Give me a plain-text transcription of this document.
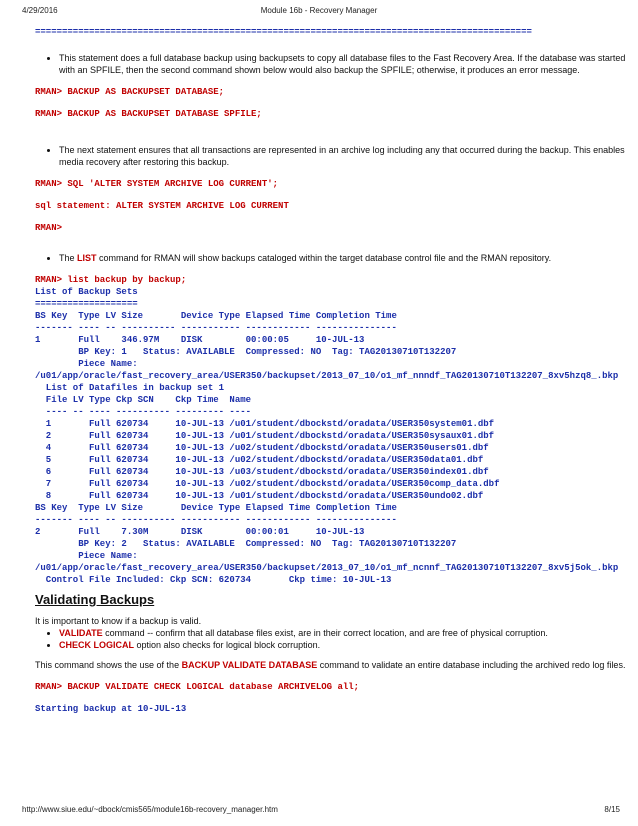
4/29/2016	Module 16b - Recovery Manager
============================================================================================
• This statement does a full database backup using backupsets to copy all database files to the Fast Recovery Area. If the database was started with an SPFILE, then the second command shown below would also backup the SPFILE; otherwise, it produces an error message.
RMAN> BACKUP AS BACKUPSET DATABASE;
RMAN> BACKUP AS BACKUPSET DATABASE SPFILE;
• The next statement ensures that all transactions are represented in an archive log including any that occurred during the backup. This enables media recovery after restoring this backup.
RMAN> SQL 'ALTER SYSTEM ARCHIVE LOG CURRENT';
sql statement: ALTER SYSTEM ARCHIVE LOG CURRENT
RMAN>
• The LIST command for RMAN will show backups cataloged within the target database control file and the RMAN repository.
RMAN> list backup by backup;
List of Backup Sets
===================
BS Key  Type LV Size       Device Type Elapsed Time Completion Time
------- ---- -- ---------- ----------- ------------ ---------------
1       Full    346.97M    DISK        00:00:05     10-JUL-13
BP Key: 1   Status: AVAILABLE  Compressed: NO  Tag: TAG20130710T132207
Piece Name:
/u01/app/oracle/fast_recovery_area/USER350/backupset/2013_07_10/o1_mf_nnndf_TAG20130710T132207_8xv5hzq8_.bkp
List of Datafiles in backup set 1
File LV Type Ckp SCN    Ckp Time  Name
---- -- ---- ---------- --------- ----
1       Full 620734     10-JUL-13 /u01/student/dbockstd/oradata/USER350system01.dbf
2       Full 620734     10-JUL-13 /u01/student/dbockstd/oradata/USER350sysaux01.dbf
4       Full 620734     10-JUL-13 /u02/student/dbockstd/oradata/USER350users01.dbf
5       Full 620734     10-JUL-13 /u02/student/dbockstd/oradata/USER350data01.dbf
6       Full 620734     10-JUL-13 /u03/student/dbockstd/oradata/USER350index01.dbf
7       Full 620734     10-JUL-13 /u02/student/dbockstd/oradata/USER350comp_data.dbf
8       Full 620734     10-JUL-13 /u01/student/dbockstd/oradata/USER350undo02.dbf
BS Key  Type LV Size       Device Type Elapsed Time Completion Time
------- ---- -- ---------- ----------- ------------ ---------------
2       Full    7.30M      DISK        00:00:01     10-JUL-13
BP Key: 2   Status: AVAILABLE  Compressed: NO  Tag: TAG20130710T132207
Piece Name:
/u01/app/oracle/fast_recovery_area/USER350/backupset/2013_07_10/o1_mf_ncnnf_TAG20130710T132207_8xv5j5ok_.bkp
Control File Included: Ckp SCN: 620734       Ckp time: 10-JUL-13
Validating Backups

It is important to know if a backup is valid.

• VALIDATE command -- confirm that all database files exist, are in their correct location, and are free of physical corruption.
• CHECK LOGICAL option also checks for logical block corruption.

This command shows the use of the BACKUP VALIDATE DATABASE command to validate an entire database including the archived redo log files.

RMAN> BACKUP VALIDATE CHECK LOGICAL database ARCHIVELOG all;
Starting backup at 10-JUL-13
http://www.siue.edu/~dbock/cmis565/module16b-recovery_manager.htm	8/15
